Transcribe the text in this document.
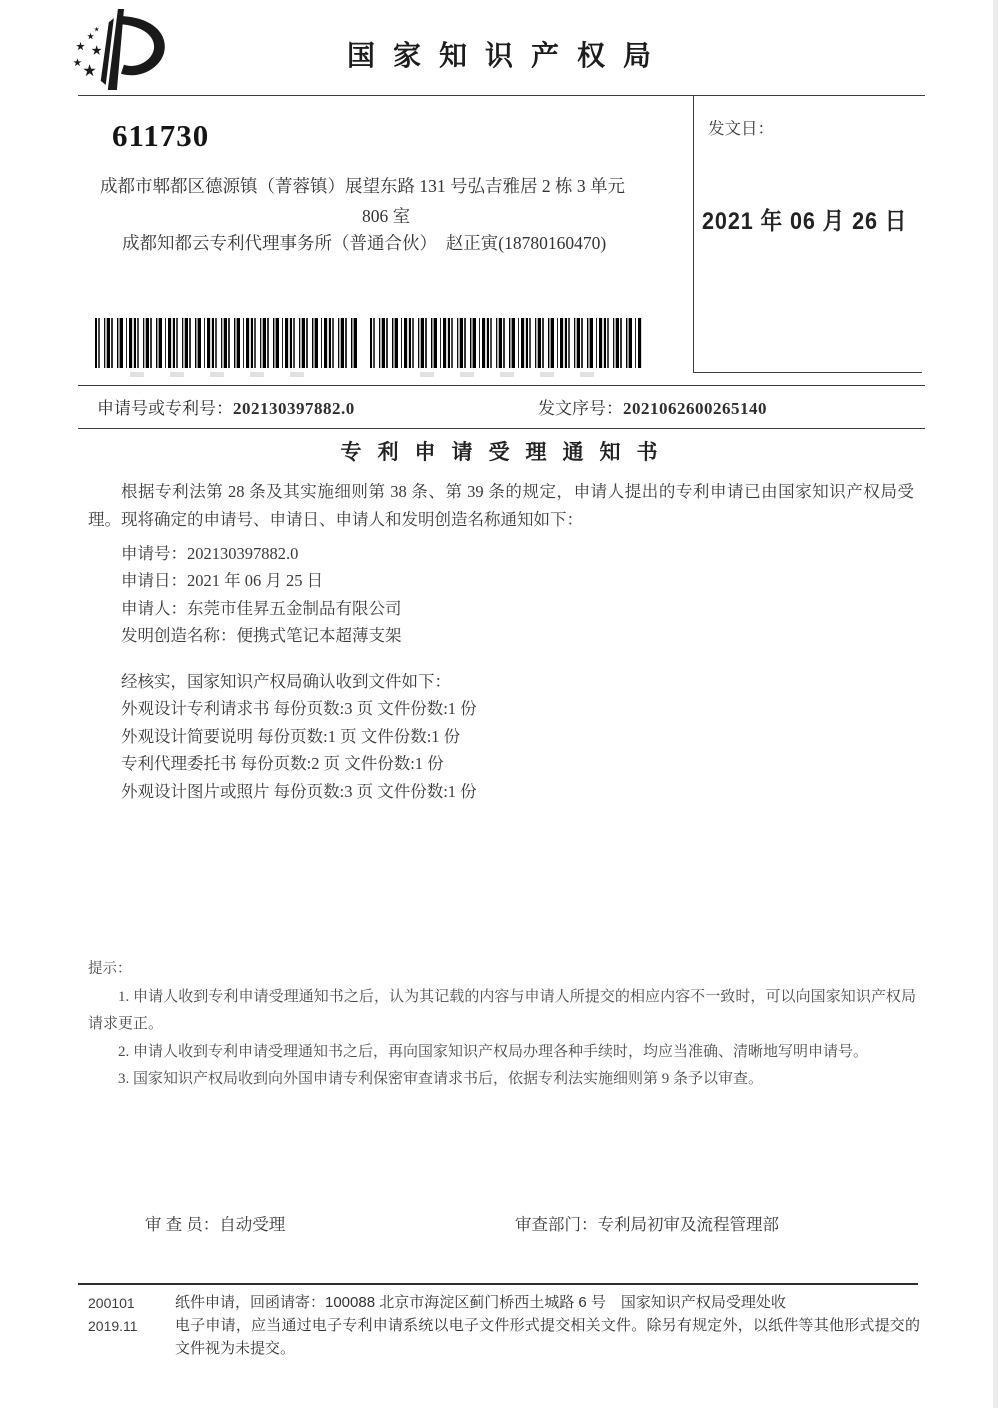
国家知识产权局
611730
成都市郫都区德源镇（菁蓉镇）展望东路 131 号弘吉雅居 2 栋 3 单元
806 室
成都知都云专利代理事务所（普通合伙）　赵正寅(18780160470)
发文日：
2021 年 06 月 26 日
申请号或专利号：202130397882.0	发文序号：2021062600265140
专利申请受理通知书

根据专利法第 28 条及其实施细则第 38 条、第 39 条的规定，申请人提出的专利申请已由国家知识产权局受理。现将确定的申请号、申请日、申请人和发明创造名称通知如下：

申请号：202130397882.0
申请日：2021 年 06 月 25 日
申请人：东莞市佳昇五金制品有限公司
发明创造名称：便携式笔记本超薄支架
经核实，国家知识产权局确认收到文件如下：
外观设计专利请求书 每份页数:3 页 文件份数:1 份
外观设计简要说明 每份页数:1 页 文件份数:1 份
专利代理委托书 每份页数:2 页 文件份数:1 份
外观设计图片或照片 每份页数:3 页 文件份数:1 份
提示：
1. 申请人收到专利申请受理通知书之后，认为其记载的内容与申请人所提交的相应内容不一致时，可以向国家知识产权局请求更正。
2. 申请人收到专利申请受理通知书之后，再向国家知识产权局办理各种手续时，均应当准确、清晰地写明申请号。
3. 国家知识产权局收到向外国申请专利保密审查请求书后，依据专利法实施细则第 9 条予以审查。
审 查 员：自动受理	审查部门：专利局初审及流程管理部
200101
2019.11
纸件申请，回函请寄：100088 北京市海淀区蓟门桥西土城路 6 号　国家知识产权局受理处收
电子申请，应当通过电子专利申请系统以电子文件形式提交相关文件。除另有规定外，以纸件等其他形式提交的文件视为未提交。
